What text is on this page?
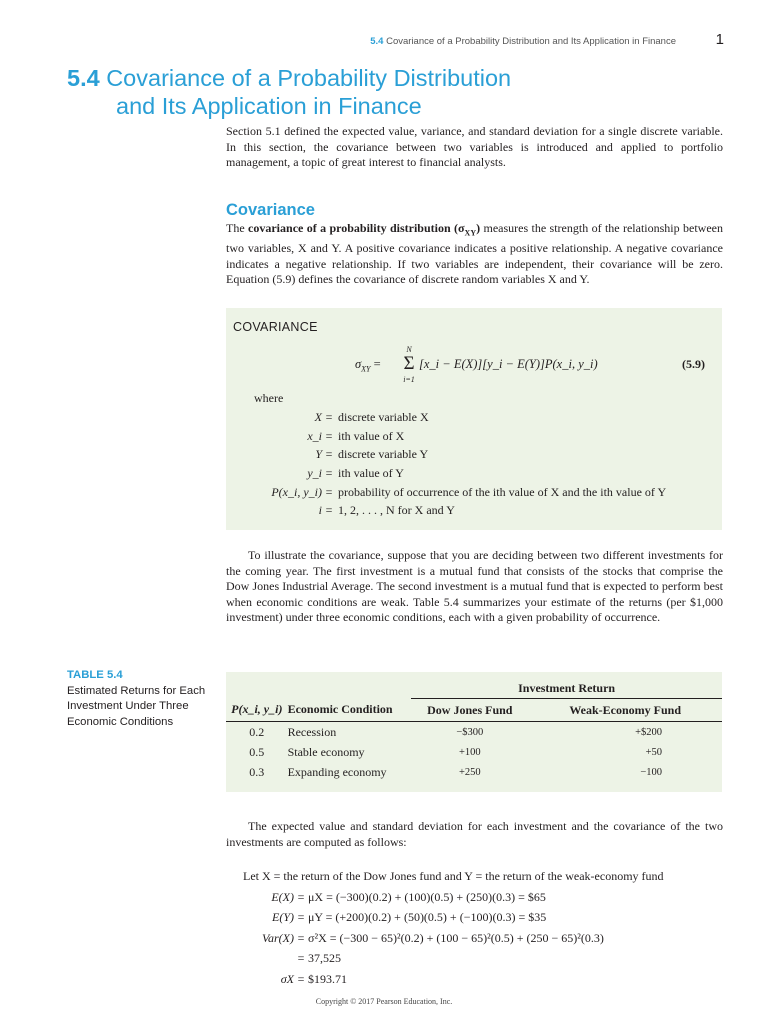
5.4 Covariance of a Probability Distribution and Its Application in Finance	1
5.4 Covariance of a Probability Distribution
and Its Application in Finance

Section 5.1 defined the expected value, variance, and standard deviation for a single discrete variable. In this section, the covariance between two variables is introduced and applied to portfolio management, a topic of great interest to financial analysts.

Covariance

The covariance of a probability distribution $(\sigma_{XY})$ measures the strength of the relationship between two variables, X and Y. A positive covariance indicates a positive relationship. A negative covariance indicates a negative relationship. If two variables are independent, their covariance will be zero. Equation (5.9) defines the covariance of discrete random variables X and Y.

COVARIANCE
$\sigma_{XY}$ =
N
Σ
i=1
[x_i − E(X)][y_i − E(Y)]P(x_i, y_i)	(5.9)
where
X = discrete variable X
x_i = ith value of X
Y = discrete variable Y
y_i = ith value of Y
P(x_i, y_i) = probability of occurrence of the ith value of X and the ith value of Y
i = 1, 2, . . . , N for X and Y

To illustrate the covariance, suppose that you are deciding between two different investments for the coming year. The first investment is a mutual fund that consists of the stocks that comprise the Dow Jones Industrial Average. The second investment is a mutual fund that is expected to perform best when economic conditions are weak. Table 5.4 summarizes your estimate of the returns (per $1,000 investment) under three economic conditions, each with a given probability of occurrence.

TABLE 5.4
Estimated Returns for Each Investment Under Three Economic Conditions
		Investment Return	
P(x_i, y_i)	Economic Condition	Dow Jones Fund	Weak-Economy Fund
0.2	Recession	−$300	+$200
0.5	Stable economy	+100	+50
0.3	Expanding economy	+250	−100

The expected value and standard deviation for each investment and the covariance of the two investments are computed as follows:

Let X = the return of the Dow Jones fund and Y = the return of the weak-economy fund
E(X) = μX = (−300)(0.2) + (100)(0.5) + (250)(0.3) = $65
E(Y) = μY = (+200)(0.2) + (50)(0.5) + (−100)(0.3) = $35
Var(X) = σ²X = (−300 − 65)²(0.2) + (100 − 65)²(0.5) + (250 − 65)²(0.3)
= 37,525
σX = $193.71
Copyright © 2017 Pearson Education, Inc.
